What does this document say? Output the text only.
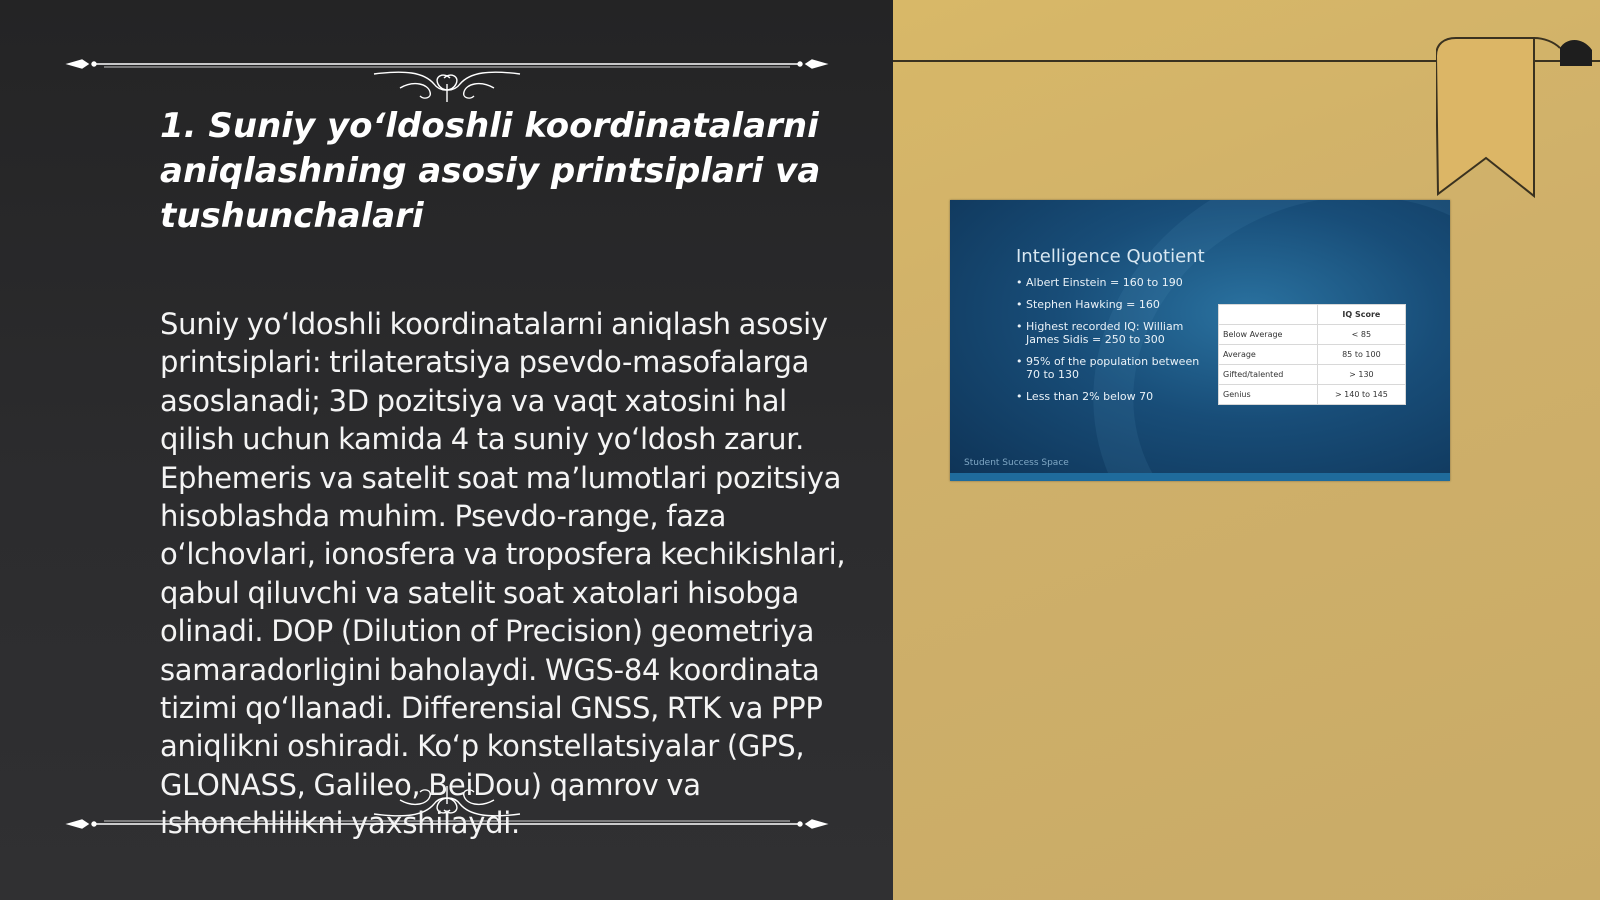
1. Suniy yo‘ldoshli koordinatalarni aniqlashning asosiy printsiplari va tushunchalari

Suniy yo‘ldoshli koordinatalarni aniqlash asosiy printsiplari: trilateratsiya psevdo-masofalarga asoslanadi; 3D pozitsiya va vaqt xatosini hal qilish uchun kamida 4 ta suniy yo‘ldosh zarur. Ephemeris va satelit soat ma’lumotlari pozitsiya hisoblashda muhim. Psevdo-range, faza o‘lchovlari, ionosfera va troposfera kechikishlari, qabul qiluvchi va satelit soat xatolari hisobga olinadi. DOP (Dilution of Precision) geometriya samaradorligini baholaydi. WGS-84 koordinata tizimi qo‘llanadi. Differensial GNSS, RTK va PPP aniqlikni oshiradi. Ko‘p konstellatsiyalar (GPS, GLONASS, Galileo, BeiDou) qamrov va ishonchlilikni yaxshilaydi.

Intelligence Quotient
• Albert Einstein = 160 to 190
• Stephen Hawking = 160
• Highest recorded IQ: William James Sidis = 250 to 300
• 95% of the population between 70 to 130
• Less than 2% below 70
	IQ Score
Below Average	< 85
Average	85 to 100
Gifted/talented	> 130
Genius	> 140 to 145

Student Success Space
